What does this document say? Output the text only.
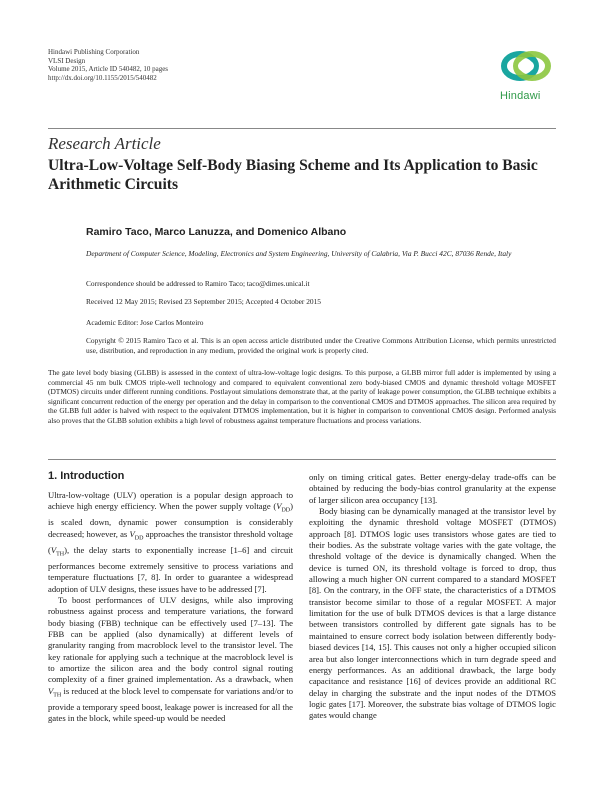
Hindawi Publishing Corporation
VLSI Design
Volume 2015, Article ID 540482, 10 pages
http://dx.doi.org/10.1155/2015/540482
Hindawi
Research Article
Ultra-Low-Voltage Self-Body Biasing Scheme and Its Application to Basic Arithmetic Circuits
Ramiro Taco, Marco Lanuzza, and Domenico Albano
Department of Computer Science, Modeling, Electronics and System Engineering, University of Calabria, Via P. Bucci 42C, 87036 Rende, Italy
Correspondence should be addressed to Ramiro Taco; taco@dimes.unical.it
Received 12 May 2015; Revised 23 September 2015; Accepted 4 October 2015
Academic Editor: Jose Carlos Monteiro
Copyright © 2015 Ramiro Taco et al. This is an open access article distributed under the Creative Commons Attribution License, which permits unrestricted use, distribution, and reproduction in any medium, provided the original work is properly cited.
The gate level body biasing (GLBB) is assessed in the context of ultra-low-voltage logic designs. To this purpose, a GLBB mirror full adder is implemented by using a commercial 45 nm bulk CMOS triple-well technology and compared to equivalent conventional zero body-biased CMOS and dynamic threshold voltage MOSFET (DTMOS) circuits under different running conditions. Postlayout simulations demonstrate that, at the parity of leakage power consumption, the GLBB technique exhibits a significant concurrent reduction of the energy per operation and the delay in comparison to the conventional CMOS and DTMOS approaches. The silicon area required by the GLBB full adder is halved with respect to the equivalent DTMOS implementation, but it is higher in comparison to conventional CMOS design. Performed analysis also proves that the GLBB solution exhibits a high level of robustness against temperature fluctuations and process variations.
1. Introduction

Ultra-low-voltage (ULV) operation is a popular design approach to achieve high energy efficiency. When the power supply voltage $(V_{DD})$ is scaled down, dynamic power consumption is considerably decreased; however, as $V_{DD}$ approaches the transistor threshold voltage $(V_{TH})$, the delay starts to exponentially increase [1–6] and circuit performances become extremely sensitive to process variations and temperature fluctuations [7, 8]. In order to guarantee a widespread adoption of ULV designs, these issues have to be addressed [7].

To boost performances of ULV designs, while also improving robustness against process and temperature variations, the forward body biasing (FBB) technique can be effectively used [7–13]. The FBB can be applied (also dynamically) at different levels of granularity ranging from macroblock level to the transistor level. The key rationale for applying such a technique at the macroblock level is to amortize the silicon area and the body control signal routing complexity of a finer grained implementation. As a drawback, when $V_{TH}$ is reduced at the block level to compensate for variations and/or to provide a temporary speed boost, leakage power is increased for all the gates in the block, while speed-up would be needed

only on timing critical gates. Better energy-delay trade-offs can be obtained by reducing the body-bias control granularity at the expense of larger silicon area occupancy [13].

Body biasing can be dynamically managed at the transistor level by exploiting the dynamic threshold voltage MOSFET (DTMOS) approach [8]. DTMOS logic uses transistors whose gates are tied to their bodies. As the substrate voltage varies with the gate voltage, the threshold voltage of the device is dynamically changed. When the device is turned ON, its threshold voltage is forced to drop, thus allowing a much higher ON current compared to a standard MOSFET [8]. On the contrary, in the OFF state, the characteristics of a DTMOS transistor become similar to those of a regular MOSFET. A major limitation for the use of bulk DTMOS devices is that a large distance between transistors controlled by different gate signals has to be maintained to ensure correct body isolation between differently body-biased devices [14, 15]. This causes not only a higher occupied silicon area but also longer interconnections which in turn degrade speed and energy performances. As an additional drawback, the large body capacitance and resistance [16] of devices provide an additional RC delay in charging the substrate and the input nodes of the DTMOS logic gates [17]. Moreover, the substrate bias voltage of DTMOS logic gates would change
